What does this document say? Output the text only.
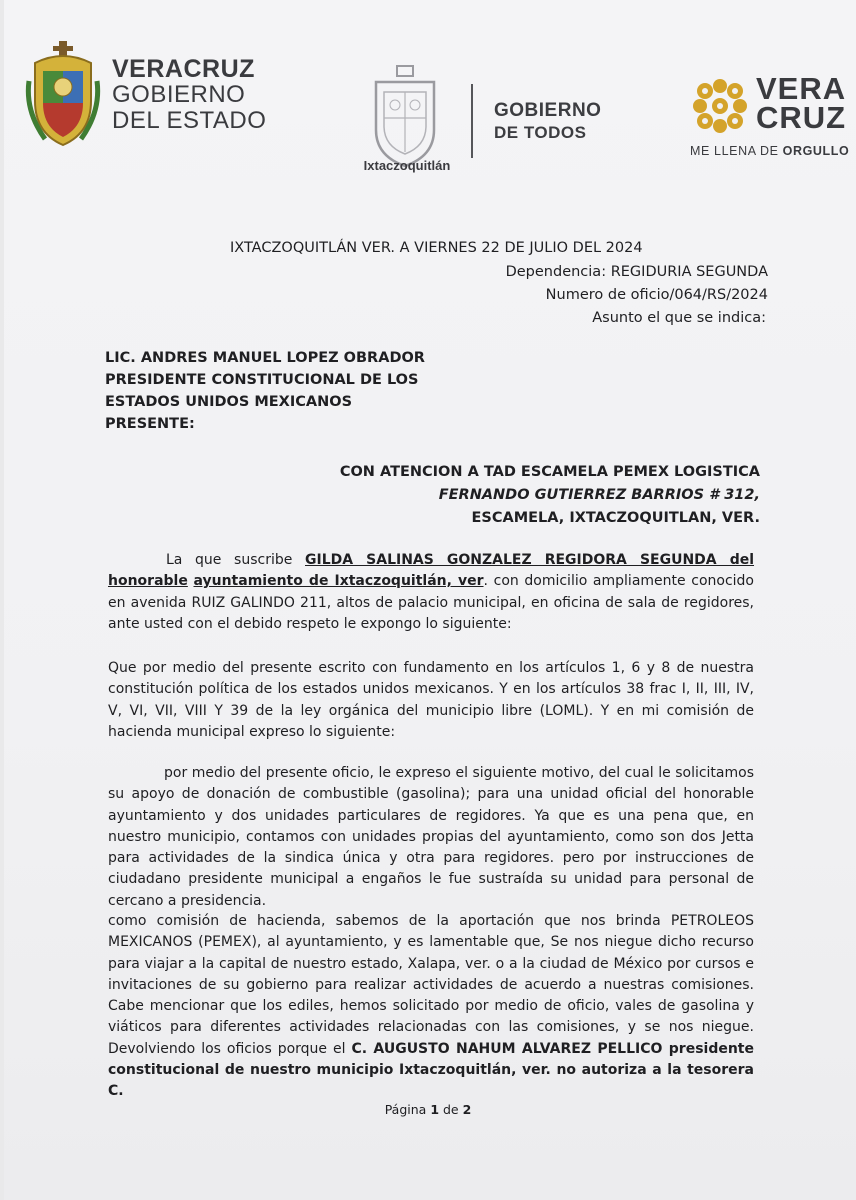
VERACRUZ
GOBIERNO
DEL ESTADO
Ixtaczoquitlán
GOBIERNO
DE TODOS
VERA
CRUZ
ME LLENA DE ORGULLO
IXTACZOQUITLÁN VER. A VIERNES 22 DE JULIO DEL 2024
Dependencia: REGIDURIA SEGUNDA
Numero de oficio/064/RS/2024
Asunto el que se indica:
LIC. ANDRES MANUEL LOPEZ OBRADOR
PRESIDENTE CONSTITUCIONAL DE LOS
ESTADOS UNIDOS MEXICANOS
PRESENTE:
CON ATENCION A TAD ESCAMELA PEMEX LOGISTICA
FERNANDO GUTIERREZ BARRIOS # 312,
ESCAMELA, IXTACZOQUITLAN, VER.

La que suscribe GILDA SALINAS GONZALEZ REGIDORA SEGUNDA del honorable ayuntamiento de Ixtaczoquitlán, ver. con domicilio ampliamente conocido en avenida RUIZ GALINDO 211, altos de palacio municipal, en oficina de sala de regidores, ante usted con el debido respeto le expongo lo siguiente:

Que por medio del presente escrito con fundamento en los artículos 1, 6 y 8 de nuestra constitución política de los estados unidos mexicanos. Y en los artículos 38 frac I, II, III, IV, V, VI, VII, VIII Y 39 de la ley orgánica del municipio libre (LOML). Y en mi comisión de hacienda municipal expreso lo siguiente:

por medio del presente oficio, le expreso el siguiente motivo, del cual le solicitamos su apoyo de donación de combustible (gasolina); para una unidad oficial del honorable ayuntamiento y dos unidades particulares de regidores. Ya que es una pena que, en nuestro municipio, contamos con unidades propias del ayuntamiento, como son dos Jetta para actividades de la sindica única y otra para regidores. pero por instrucciones de ciudadano presidente municipal a engaños le fue sustraída su unidad para personal de cercano a presidencia.

como comisión de hacienda, sabemos de la aportación que nos brinda PETROLEOS MEXICANOS (PEMEX), al ayuntamiento, y es lamentable que, Se nos niegue dicho recurso para viajar a la capital de nuestro estado, Xalapa, ver. o a la ciudad de México por cursos e invitaciones de su gobierno para realizar actividades de acuerdo a nuestras comisiones. Cabe mencionar que los ediles, hemos solicitado por medio de oficio, vales de gasolina y viáticos para diferentes actividades relacionadas con las comisiones, y se nos niegue. Devolviendo los oficios porque el C. AUGUSTO NAHUM ALVAREZ PELLICO presidente constitucional de nuestro municipio Ixtaczoquitlán, ver. no autoriza a la tesorera C.

Página 1 de 2
